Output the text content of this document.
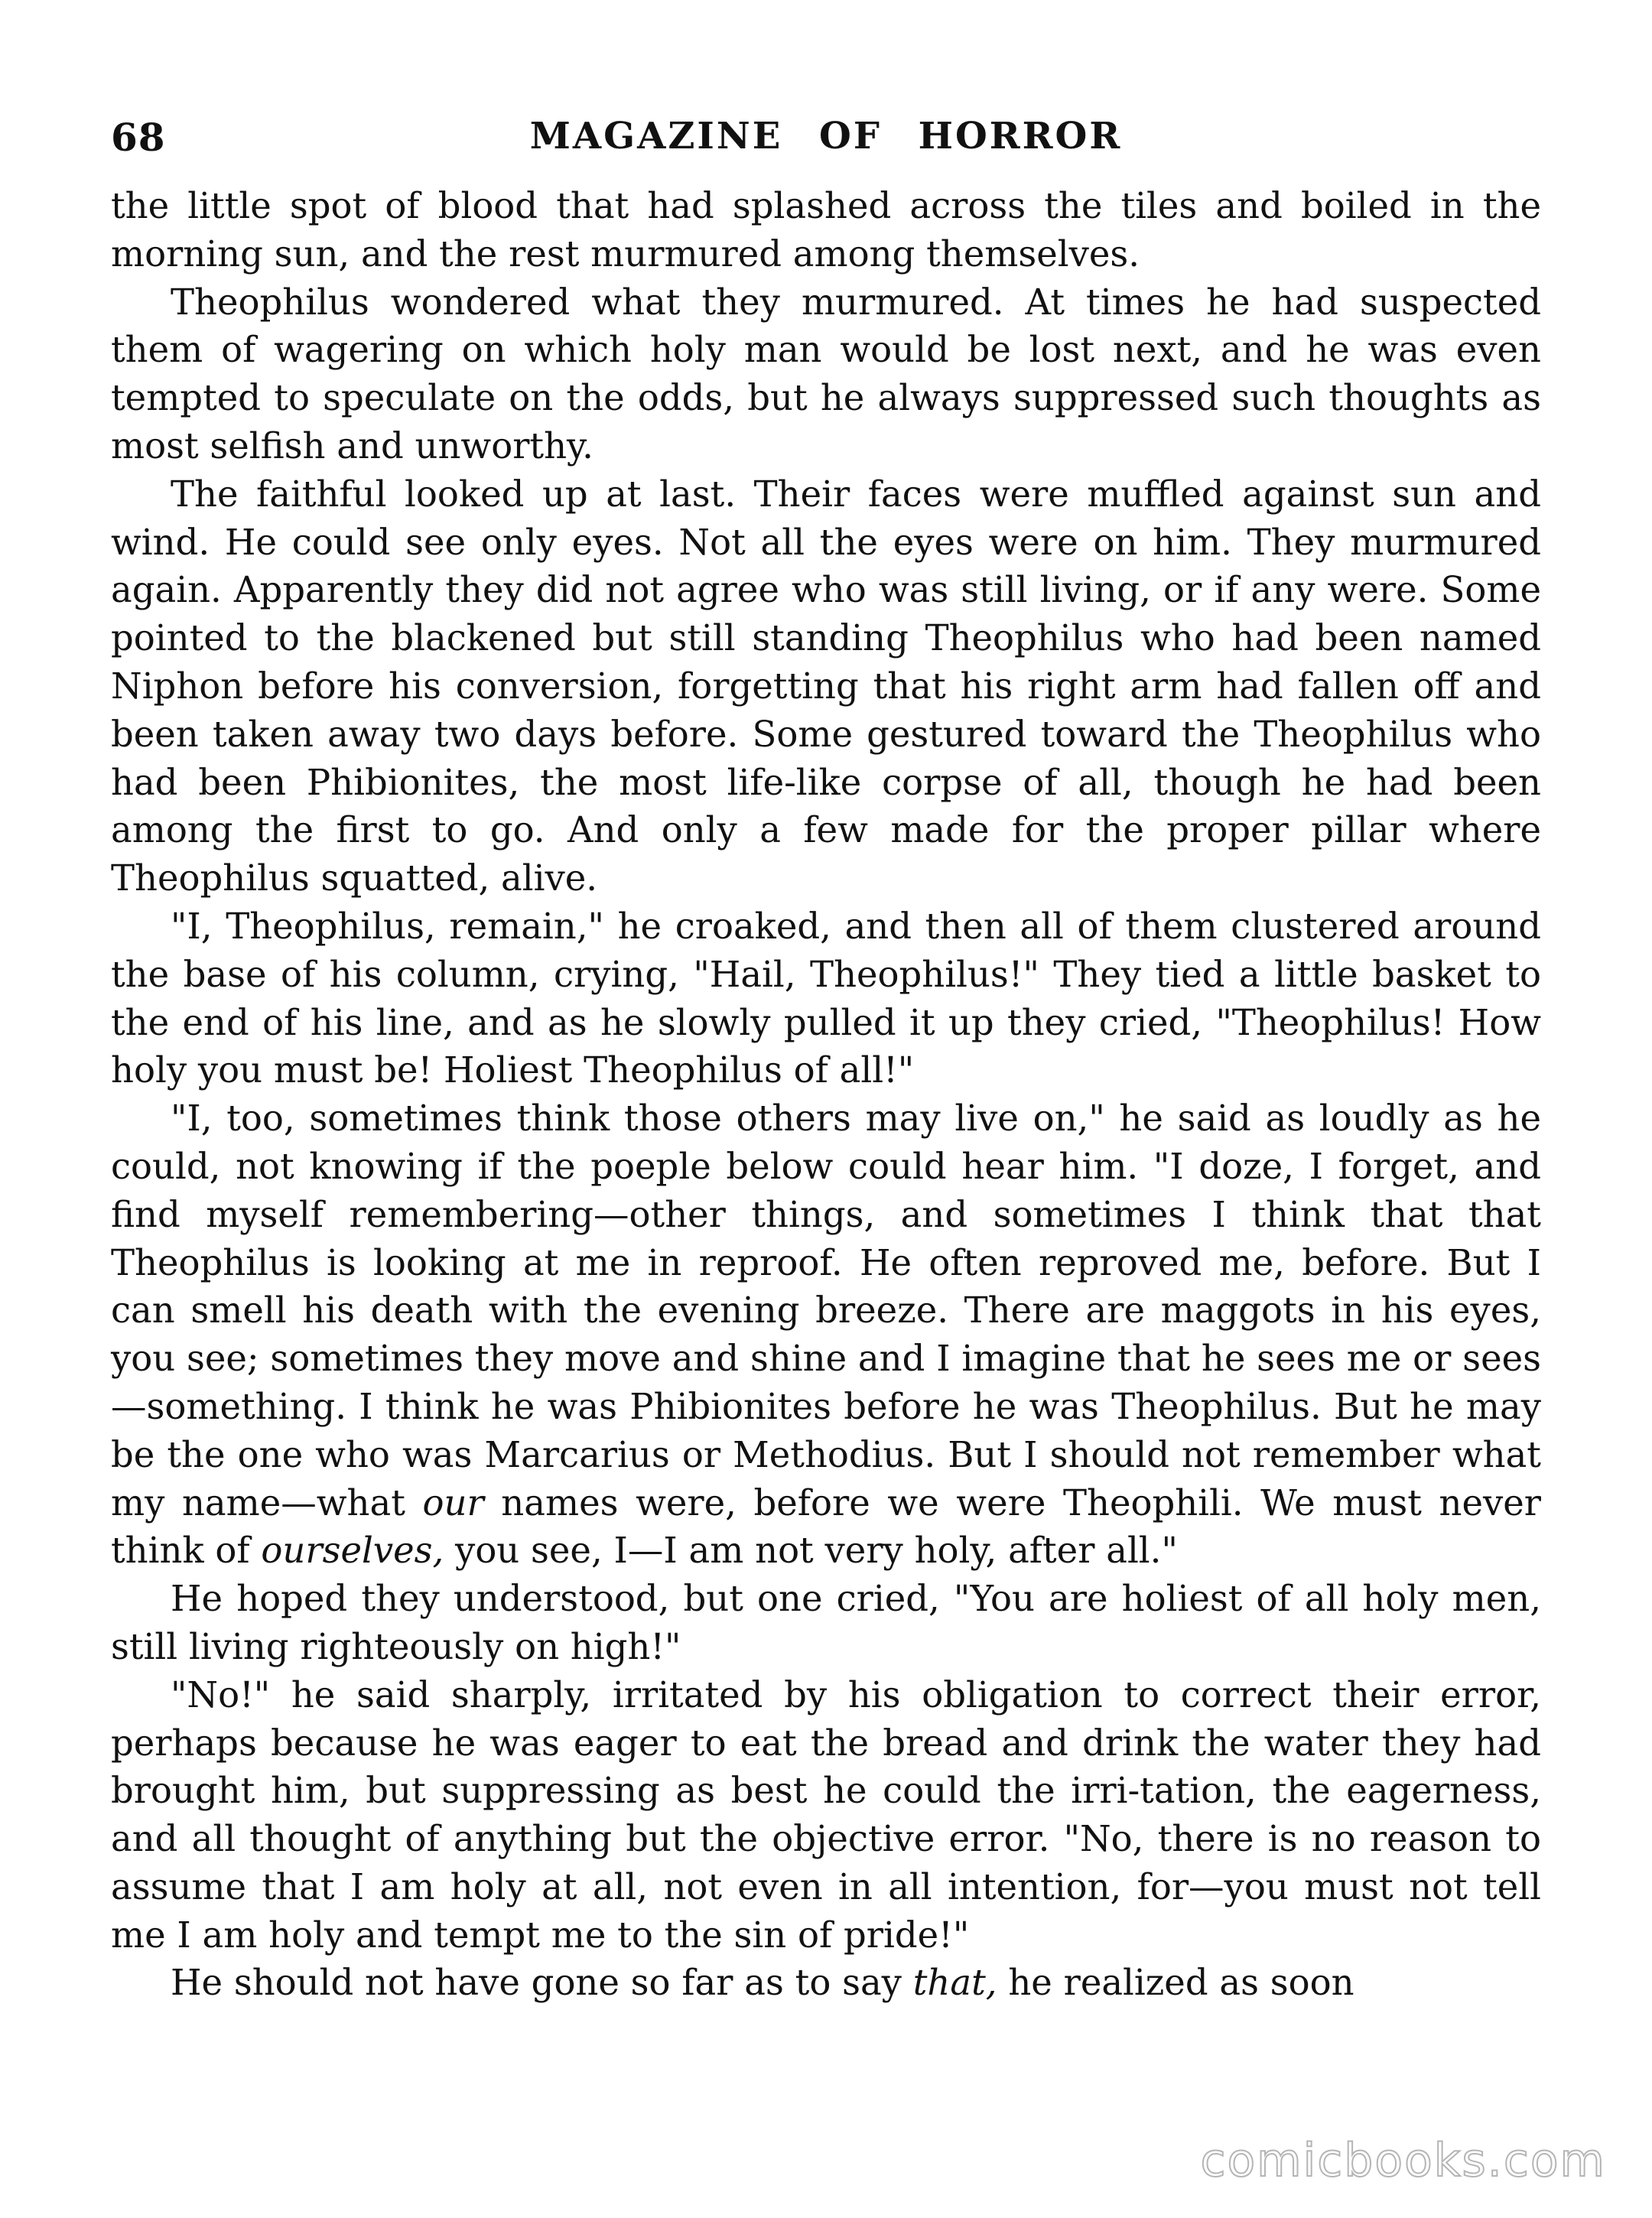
68	MAGAZINE OF HORROR

the little spot of blood that had splashed across the tiles and boiled in the morning sun, and the rest murmured among themselves.

Theophilus wondered what they murmured. At times he had suspected them of wagering on which holy man would be lost next, and he was even tempted to speculate on the odds, but he always suppressed such thoughts as most selfish and unworthy.

The faithful looked up at last. Their faces were muffled against sun and wind. He could see only eyes. Not all the eyes were on him. They murmured again. Apparently they did not agree who was still living, or if any were. Some pointed to the blackened but still standing Theophilus who had been named Niphon before his conversion, forgetting that his right arm had fallen off and been taken away two days before. Some gestured toward the Theophilus who had been Phibionites, the most life-like corpse of all, though he had been among the first to go. And only a few made for the proper pillar where Theophilus squatted, alive.

"I, Theophilus, remain," he croaked, and then all of them clustered around the base of his column, crying, "Hail, Theophilus!" They tied a little basket to the end of his line, and as he slowly pulled it up they cried, "Theophilus! How holy you must be! Holiest Theophilus of all!"

"I, too, sometimes think those others may live on," he said as loudly as he could, not knowing if the poeple below could hear him. "I doze, I forget, and find myself remembering—other things, and sometimes I think that that Theophilus is looking at me in reproof. He often reproved me, before. But I can smell his death with the evening breeze. There are maggots in his eyes, you see; sometimes they move and shine and I imagine that he sees me or sees—something. I think he was Phibionites before he was Theophilus. But he may be the one who was Marcarius or Methodius. But I should not remember what my name—what our names were, before we were Theophili. We must never think of ourselves, you see, I—I am not very holy, after all."

He hoped they understood, but one cried, "You are holiest of all holy men, still living righteously on high!"

"No!" he said sharply, irritated by his obligation to correct their error, perhaps because he was eager to eat the bread and drink the water they had brought him, but suppressing as best he could the irri-tation, the eagerness, and all thought of anything but the objective error. "No, there is no reason to assume that I am holy at all, not even in all intention, for—you must not tell me I am holy and tempt me to the sin of pride!"

He should not have gone so far as to say that, he realized as soon

comicbooks.com
